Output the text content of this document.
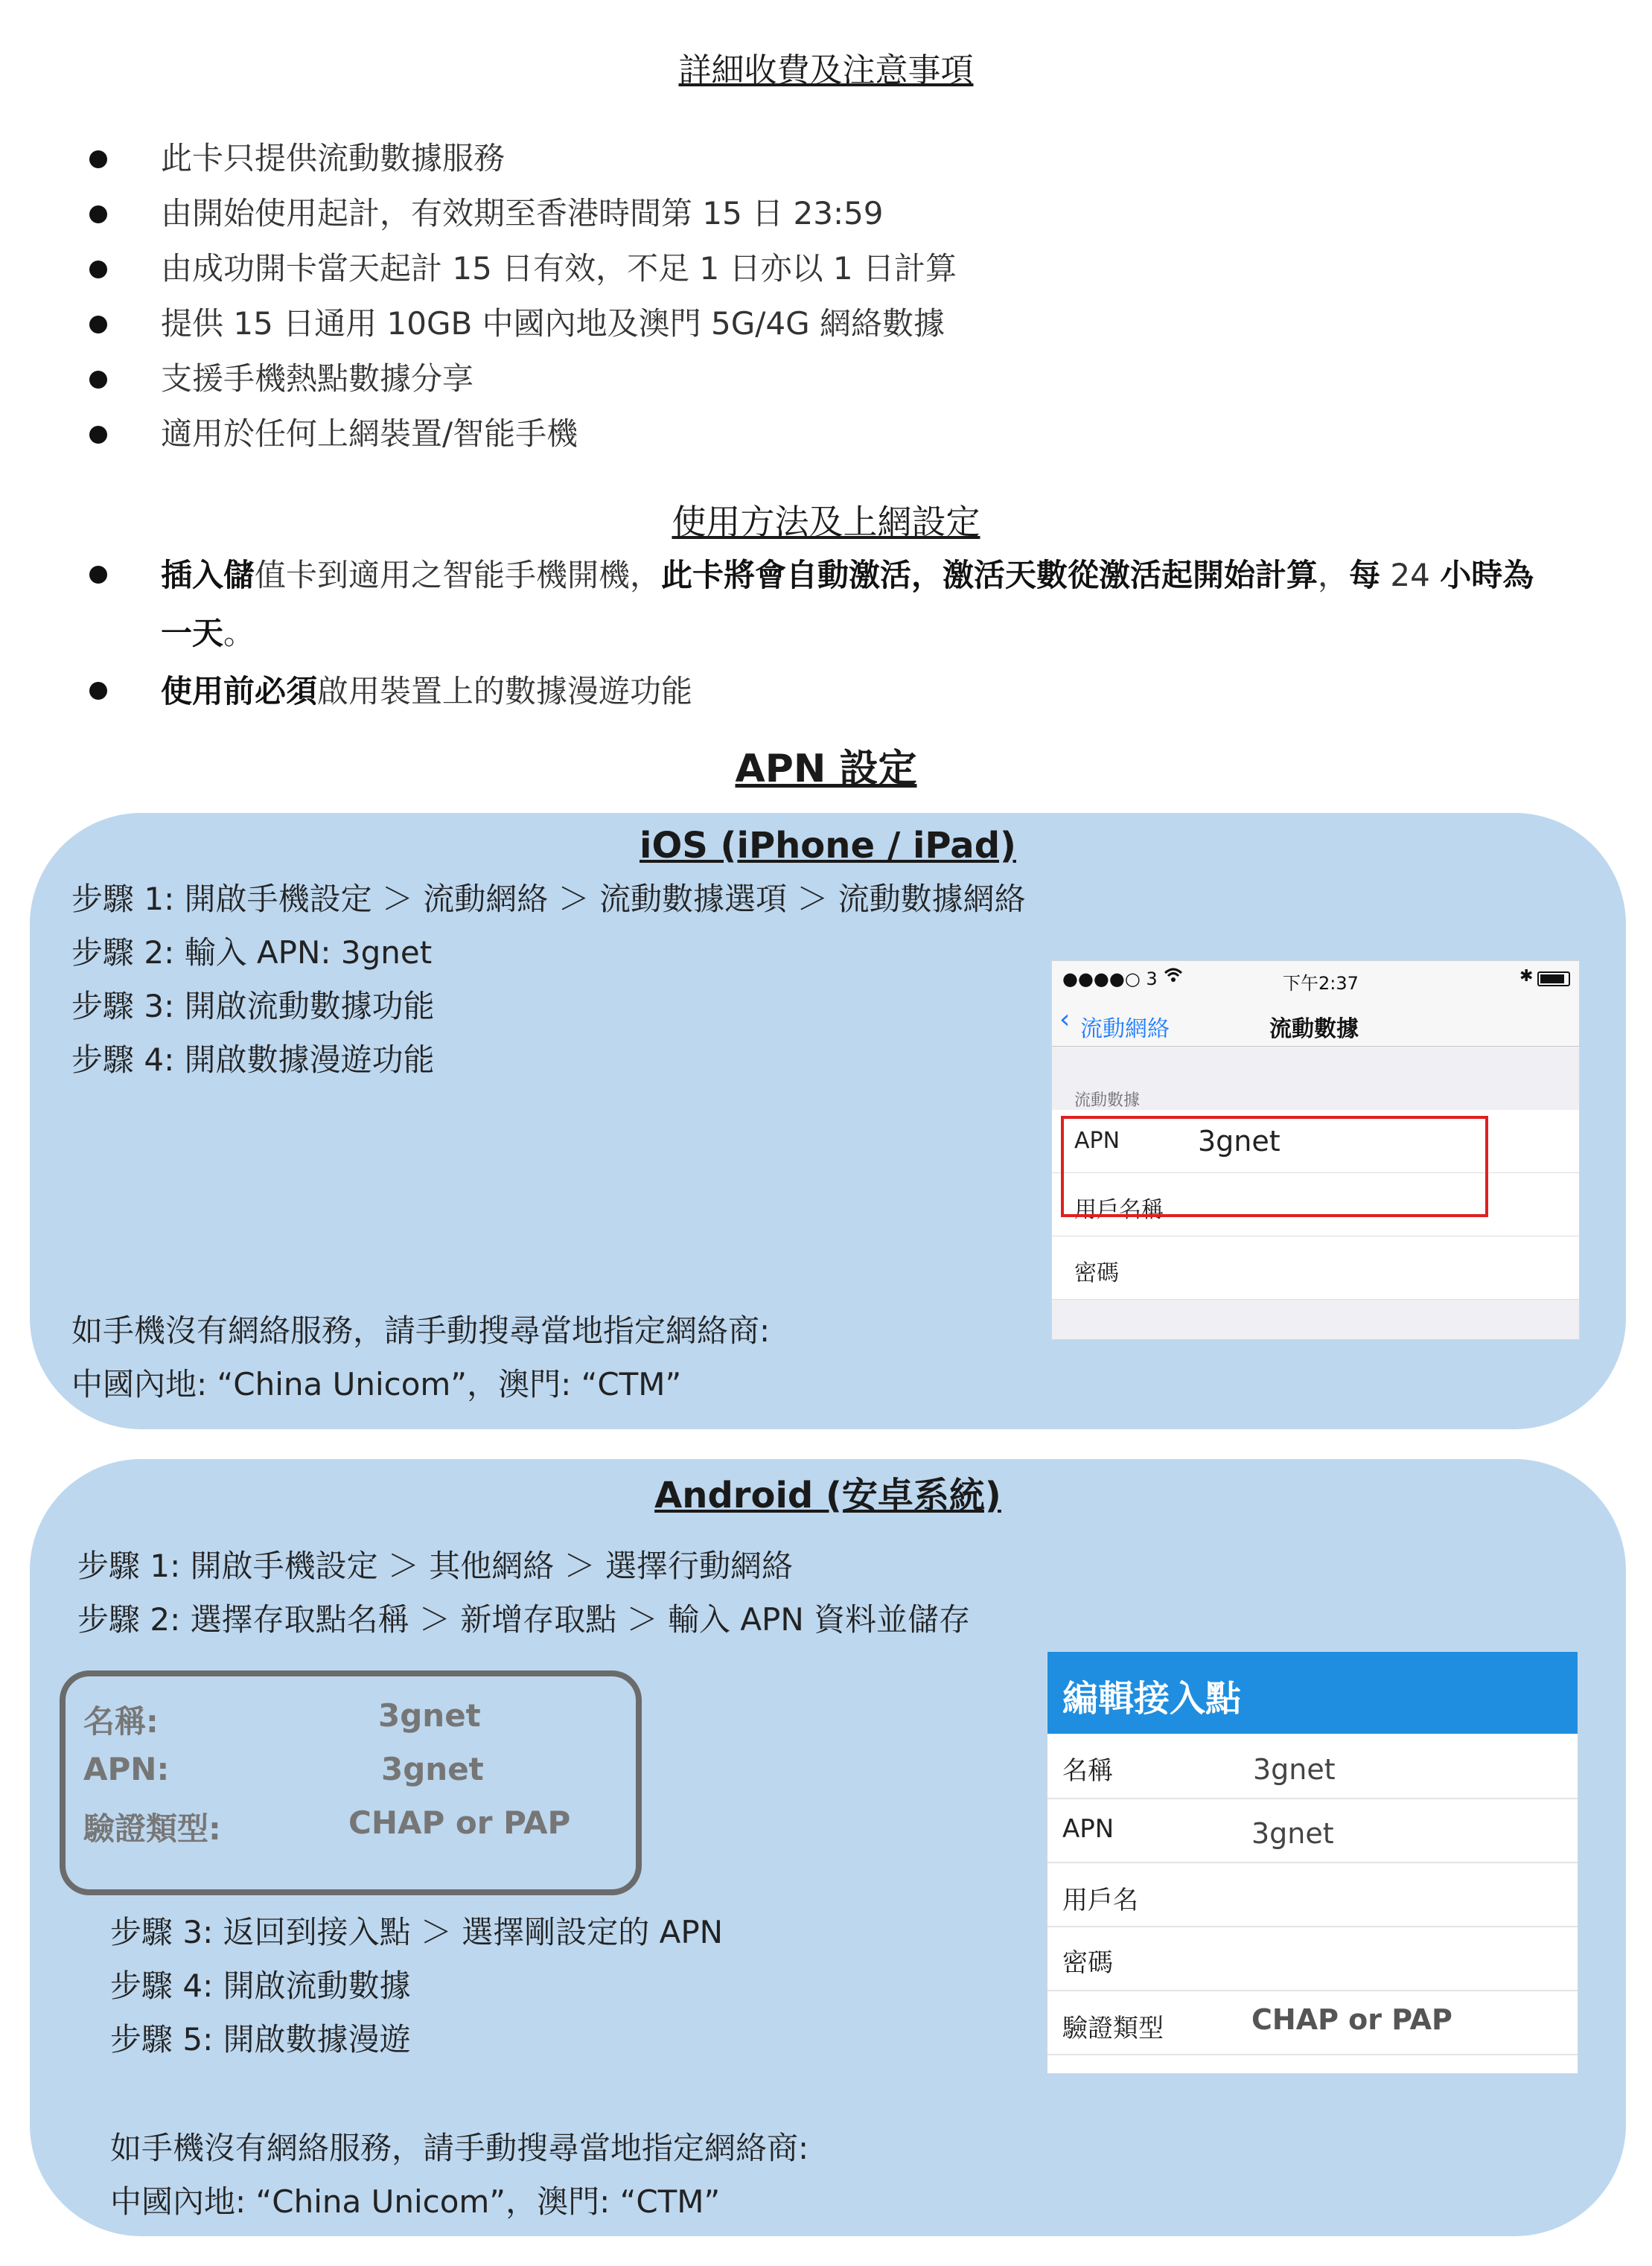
詳細收費及注意事項
此卡只提供流動數據服務
由開始使用起計，有效期至香港時間第 15 日 23:59
由成功開卡當天起計 15 日有效，不足 1 日亦以 1 日計算
提供 15 日通用 10GB 中國內地及澳門 5G/4G 網絡數據
支援手機熱點數據分享
適用於任何上網裝置/智能手機
使用方法及上網設定
插入儲值卡到適用之智能手機開機，此卡將會自動激活，激活天數從激活起開始計算，每 24 小時為
一天。
使用前必須啟用裝置上的數據漫遊功能
APN 設定
iOS (iPhone / iPad)
步驟 1: 開啟手機設定 ＞ 流動網絡 ＞ 流動數據選項 ＞ 流動數據網絡
步驟 2: 輸入 APN: 3gnet
步驟 3: 開啟流動數據功能
步驟 4: 開啟數據漫遊功能
如手機沒有網絡服務，請手動搜尋當地指定網絡商:
中國內地: “China Unicom”，澳門: “CTM”
●●●●○ 3	下午2:37	✱
‹ 流動網絡	流動數據
流動數據
APN	3gnet
用戶名稱
密碼
Android (安卓系統)
步驟 1: 開啟手機設定 ＞ 其他網絡 ＞ 選擇行動網絡
步驟 2: 選擇存取點名稱 ＞ 新增存取點 ＞ 輸入 APN 資料並儲存
名稱:	3gnet
APN:	3gnet
驗證類型:	CHAP or PAP
步驟 3: 返回到接入點 ＞ 選擇剛設定的 APN
步驟 4: 開啟流動數據
步驟 5: 開啟數據漫遊
如手機沒有網絡服務，請手動搜尋當地指定網絡商:
中國內地: “China Unicom”，澳門: “CTM”
編輯接入點
名稱	3gnet
APN	3gnet
用戶名
密碼
驗證類型	CHAP or PAP
